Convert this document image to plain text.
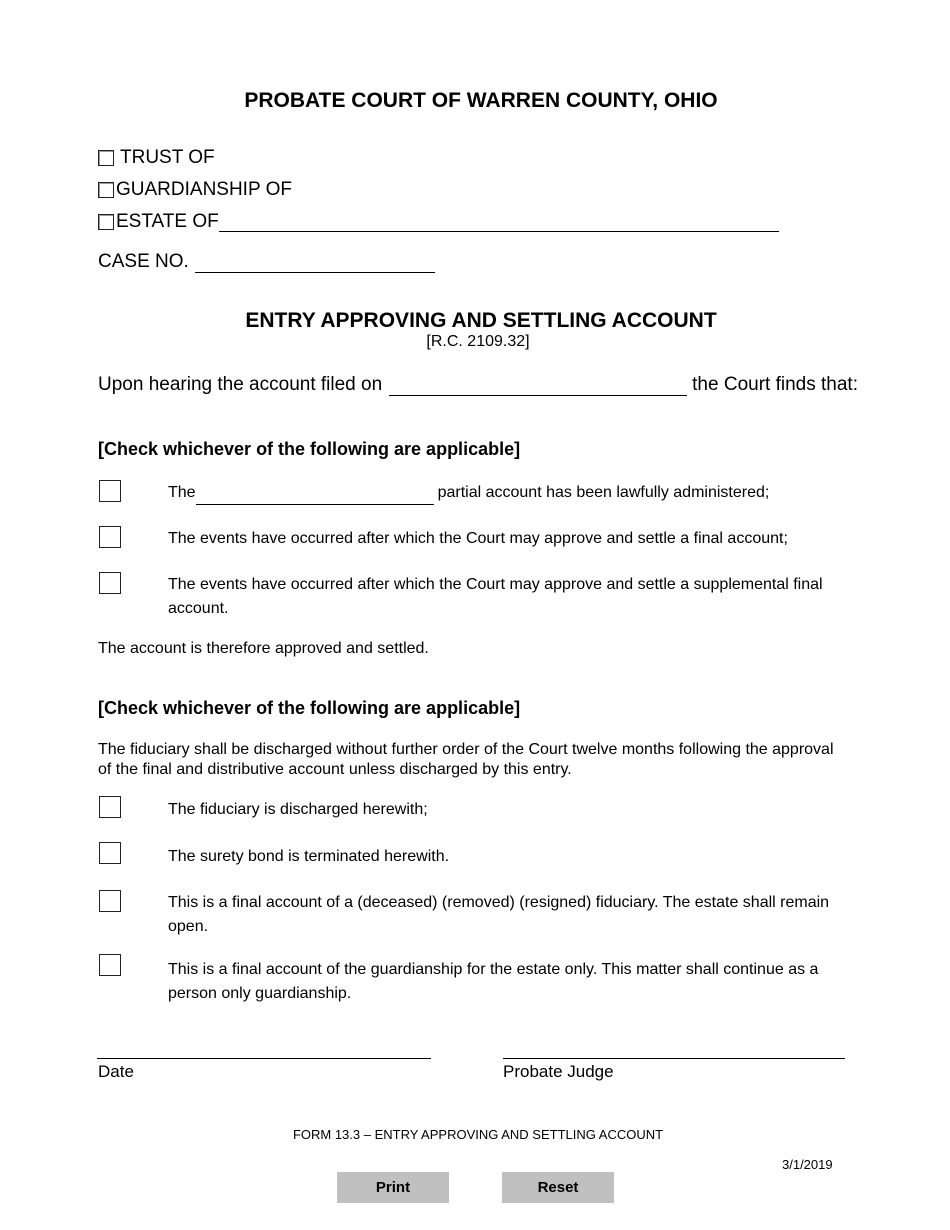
PROBATE COURT OF WARREN COUNTY, OHIO
TRUST OF
GUARDIANSHIP OF
ESTATE OF
CASE NO.
ENTRY APPROVING AND SETTLING ACCOUNT
[R.C. 2109.32]
Upon hearing the account filed on	the Court finds that:
[Check whichever of the following are applicable]
The	partial account has been lawfully administered;
The events have occurred after which the Court may approve and settle a final account;
The events have occurred after which the Court may approve and settle a supplemental final account.
The account is therefore approved and settled.
[Check whichever of the following are applicable]
The fiduciary shall be discharged without further order of the Court twelve months following the approval of the final and distributive account unless discharged by this entry.
The fiduciary is discharged herewith;
The surety bond is terminated herewith.
This is a final account of a (deceased) (removed) (resigned) fiduciary. The estate shall remain open.
This is a final account of the guardianship for the estate only. This matter shall continue as a person only guardianship.
Date	Probate Judge
FORM 13.3 – ENTRY APPROVING AND SETTLING ACCOUNT
3/1/2019
Print	Reset
